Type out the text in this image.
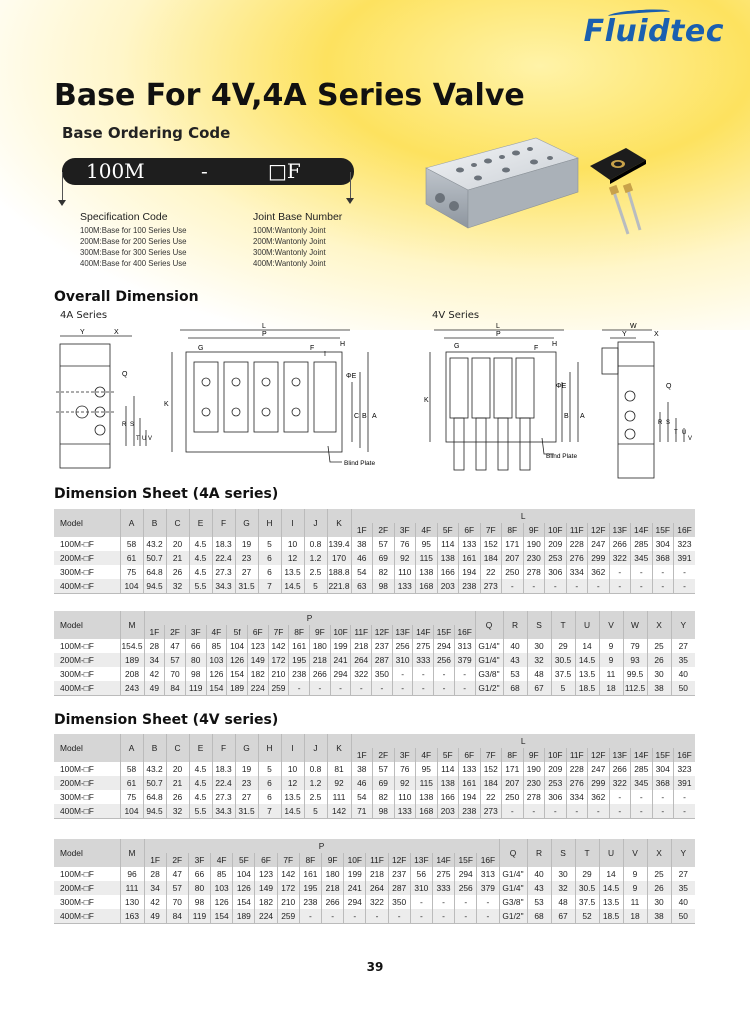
Fluidtec
Base For 4V,4A Series Valve
Base Ordering Code
100M	-	□F
Specification Code
100M:Base for 100 Series Use
200M:Base for 200 Series Use
300M:Base for 300 Series Use
400M:Base for 400 Series Use
Joint Base Number
100M:Wantonly Joint
200M:Wantonly Joint
300M:Wantonly Joint
400M:Wantonly Joint
Overall Dimension
4A Series	4V Series
Y	X
Q
R S
T U V
L
P
H
G	F
I
ΦE
K
C B A
Blind Plate
L
P
G	F
H
ΦE
K
B A
Blind Plate
W
Y	X
Q
R S
T U
V
Dimension Sheet (4A series)
Model	A	B	C	E	F	G	H	I	J	K	L															
											1F	2F	3F	4F	5F	6F	7F	8F	9F	10F	11F	12F	13F	14F	15F	16F
100M-□F	58	43.2	20	4.5	18.3	19	5	10	0.8	139.4	38	57	76	95	114	133	152	171	190	209	228	247	266	285	304	323
200M-□F	61	50.7	21	4.5	22.4	23	6	12	1.2	170	46	69	92	115	138	161	184	207	230	253	276	299	322	345	368	391
300M-□F	75	64.8	26	4.5	27.3	27	6	13.5	2.5	188.8	54	82	110	138	166	194	22	250	278	306	334	362	-	-	-	-
400M-□F	104	94.5	32	5.5	34.3	31.5	7	14.5	5	221.8	63	98	133	168	203	238	273	-	-	-	-	-	-	-	-	-
Model	M	P																Q	R	S	T	U	V	W	X	Y
		1F	2F	3F	4F	5f	6F	7F	8F	9F	10F	11F	12F	13F	14F	15F	16F									
100M-□F	154.5	28	47	66	85	104	123	142	161	180	199	218	237	256	275	294	313	G1/4"	40	30	29	14	9	79	25	27
200M-□F	189	34	57	80	103	126	149	172	195	218	241	264	287	310	333	256	379	G1/4"	43	32	30.5	14.5	9	93	26	35
300M-□F	208	42	70	98	126	154	182	210	238	266	294	322	350	-	-	-	-	G3/8"	53	48	37.5	13.5	11	99.5	30	40
400M-□F	243	49	84	119	154	189	224	259	-	-	-	-	-	-	-	-	-	G1/2"	68	67	5	18.5	18	112.5	38	50
Dimension Sheet (4V series)
Model	A	B	C	E	F	G	H	I	J	K	L															
											1F	2F	3F	4F	5F	6F	7F	8F	9F	10F	11F	12F	13F	14F	15F	16F
100M-□F	58	43.2	20	4.5	18.3	19	5	10	0.8	81	38	57	76	95	114	133	152	171	190	209	228	247	266	285	304	323
200M-□F	61	50.7	21	4.5	22.4	23	6	12	1.2	92	46	69	92	115	138	161	184	207	230	253	276	299	322	345	368	391
300M-□F	75	64.8	26	4.5	27.3	27	6	13.5	2.5	111	54	82	110	138	166	194	22	250	278	306	334	362	-	-	-	-
400M-□F	104	94.5	32	5.5	34.3	31.5	7	14.5	5	142	71	98	133	168	203	238	273	-	-	-	-	-	-	-	-	-
Model	M	P																Q	R	S	T	U	V	X	Y
		1F	2F	3F	4F	5F	6F	7F	8F	9F	10F	11F	12F	13F	14F	15F	16F								
100M-□F	96	28	47	66	85	104	123	142	161	180	199	218	237	56	275	294	313	G1/4"	40	30	29	14	9	25	27
200M-□F	111	34	57	80	103	126	149	172	195	218	241	264	287	310	333	256	379	G1/4"	43	32	30.5	14.5	9	26	35
300M-□F	130	42	70	98	126	154	182	210	238	266	294	322	350	-	-	-	-	G3/8"	53	48	37.5	13.5	11	30	40
400M-□F	163	49	84	119	154	189	224	259	-	-	-	-	-	-	-	-	-	G1/2"	68	67	52	18.5	18	38	50
39
